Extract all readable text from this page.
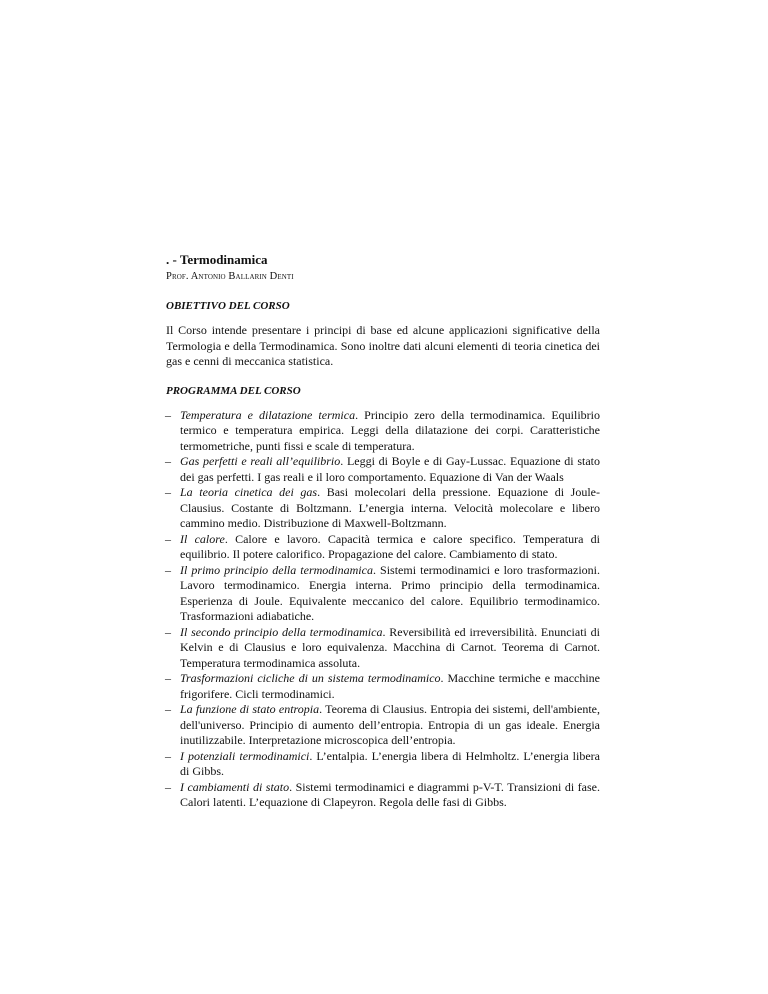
. - Termodinamica

Prof. Antonio Ballarin Denti

OBIETTIVO DEL CORSO

Il Corso intende presentare i principi di base ed alcune applicazioni significative della Termologia e della Termodinamica. Sono inoltre dati alcuni elementi di teoria cinetica dei gas e cenni di meccanica statistica.

PROGRAMMA DEL CORSO
– Temperatura e dilatazione termica. Principio zero della termodinamica. Equilibrio termico e temperatura empirica. Leggi della dilatazione dei corpi. Caratteristiche termometriche, punti fissi e scale di temperatura.
– Gas perfetti e reali all’equilibrio. Leggi di Boyle e di Gay-Lussac. Equazione di stato dei gas perfetti. I gas reali e il loro comportamento. Equazione di Van der Waals
– La teoria cinetica dei gas. Basi molecolari della pressione. Equazione di Joule-Clausius. Costante di Boltzmann. L’energia interna. Velocità molecolare e libero cammino medio. Distribuzione di Maxwell-Boltzmann.
– Il calore. Calore e lavoro. Capacità termica e calore specifico. Temperatura di equilibrio. Il potere calorifico. Propagazione del calore. Cambiamento di stato.
– Il primo principio della termodinamica. Sistemi termodinamici e loro trasformazioni. Lavoro termodinamico. Energia interna. Primo principio della termodinamica. Esperienza di Joule. Equivalente meccanico del calore. Equilibrio termodinamico. Trasformazioni adiabatiche.
– Il secondo principio della termodinamica. Reversibilità ed irreversibilità. Enunciati di Kelvin e di Clausius e loro equivalenza. Macchina di Carnot. Teorema di Carnot. Temperatura termodinamica assoluta.
– Trasformazioni cicliche di un sistema termodinamico. Macchine termiche e macchine frigorifere. Cicli termodinamici.
– La funzione di stato entropia. Teorema di Clausius. Entropia dei sistemi, dell'ambiente, dell'universo. Principio di aumento dell’entropia. Entropia di un gas ideale. Energia inutilizzabile. Interpretazione microscopica dell’entropia.
– I potenziali termodinamici. L’entalpia. L’energia libera di Helmholtz. L’energia libera di Gibbs.
– I cambiamenti di stato. Sistemi termodinamici e diagrammi p-V-T. Transizioni di fase. Calori latenti. L’equazione di Clapeyron. Regola delle fasi di Gibbs.
